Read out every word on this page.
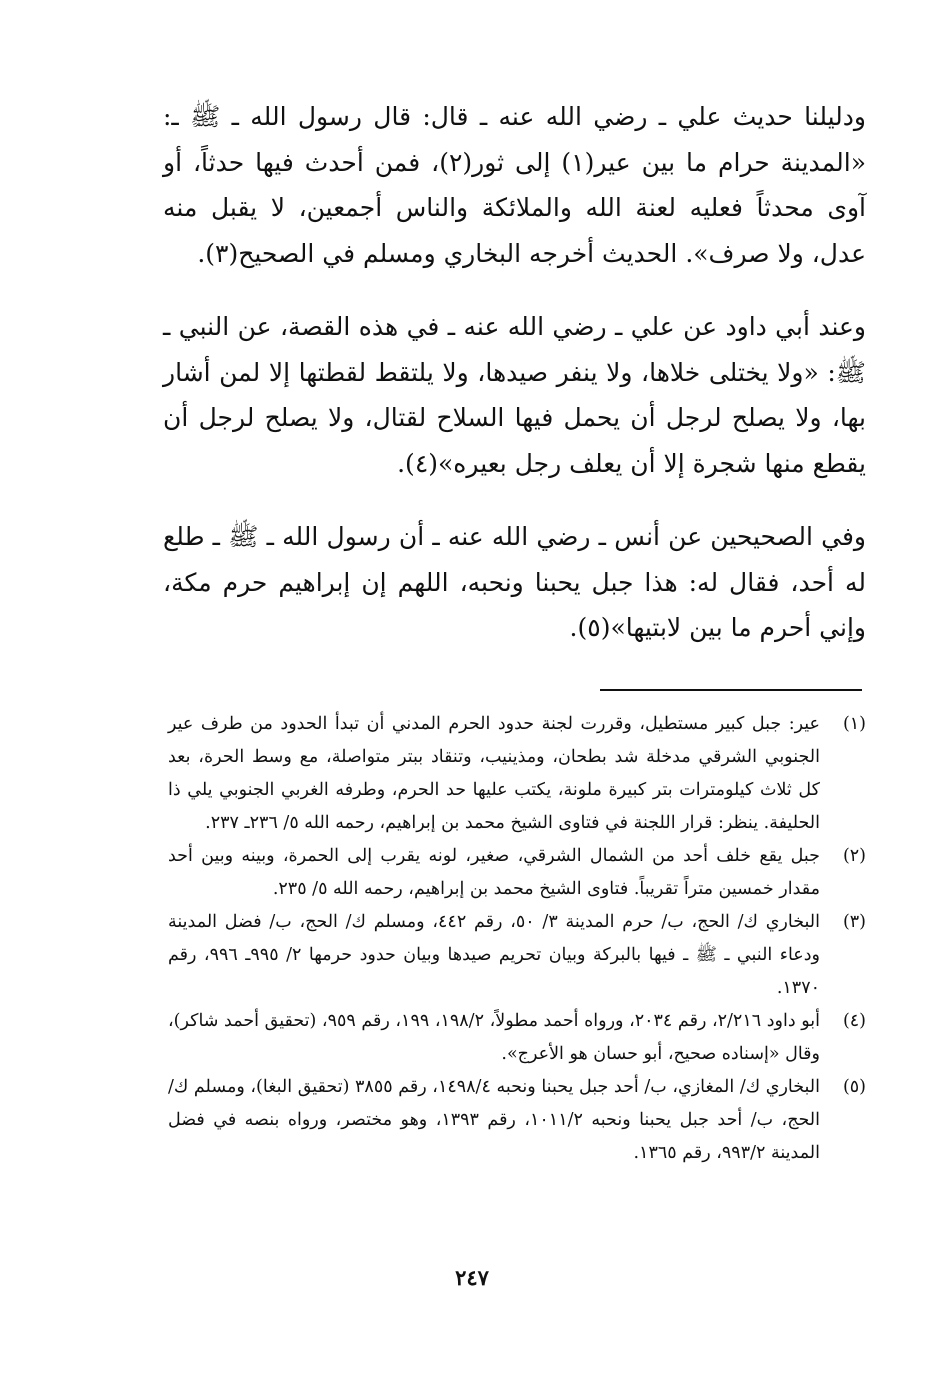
ودليلنا حديث علي ـ رضي الله عنه ـ قال: قال رسول الله ـ ﷺ ـ: «المدينة حرام ما بين عير(١) إلى ثور(٢)، فمن أحدث فيها حدثاً، أو آوى محدثاً فعليه لعنة الله والملائكة والناس أجمعين، لا يقبل منه عدل، ولا صرف». الحديث أخرجه البخاري ومسلم في الصحيح(٣).

وعند أبي داود عن علي ـ رضي الله عنه ـ في هذه القصة، عن النبي ـ ﷺ: «ولا يختلى خلاها، ولا ينفر صيدها، ولا يلتقط لقطتها إلا لمن أشار بها، ولا يصلح لرجل أن يحمل فيها السلاح لقتال، ولا يصلح لرجل أن يقطع منها شجرة إلا أن يعلف رجل بعيره»(٤).

وفي الصحيحين عن أنس ـ رضي الله عنه ـ أن رسول الله ـ ﷺ ـ طلع له أحد، فقال له: هذا جبل يحبنا ونحبه، اللهم إن إبراهيم حرم مكة، وإني أحرم ما بين لابتيها»(٥).

(١)
عير: جبل كبير مستطيل، وقررت لجنة حدود الحرم المدني أن تبدأ الحدود من طرف عير الجنوبي الشرقي مدخلة شد بطحان، ومذينيب، وتنقاد ببتر متواصلة، مع وسط الحرة، بعد كل ثلاث كيلومترات بتر كبيرة ملونة، يكتب عليها حد الحرم، وطرفه الغربي الجنوبي يلي ذا الحليفة. ينظر: قرار اللجنة في فتاوى الشيخ محمد بن إبراهيم، رحمه الله ٥/ ٢٣٦ـ ٢٣٧.
(٢)
جبل يقع خلف أحد من الشمال الشرقي، صغير، لونه يقرب إلى الحمرة، وبينه وبين أحد مقدار خمسين متراً تقريباً. فتاوى الشيخ محمد بن إبراهيم، رحمه الله ٥/ ٢٣٥.
(٣)
البخاري ك/ الحج، ب/ حرم المدينة ٣/ ٥٠، رقم ٤٤٢، ومسلم ك/ الحج، ب/ فضل المدينة ودعاء النبي ـ ﷺ ـ فيها بالبركة وبيان تحريم صيدها وبيان حدود حرمها ٢/ ٩٩٥ـ ٩٩٦، رقم ١٣٧٠.
(٤)
أبو داود ٢/٢١٦، رقم ٢٠٣٤، ورواه أحمد مطولاً، ١٩٨/٢، ١٩٩، رقم ٩٥٩، (تحقيق أحمد شاكر)، وقال «إسناده صحيح، أبو حسان هو الأعرج».
(٥)
البخاري ك/ المغازي، ب/ أحد جبل يحبنا ونحبه ١٤٩٨/٤، رقم ٣٨٥٥ (تحقيق البغا)، ومسلم ك/ الحج، ب/ أحد جبل يحبنا ونحبه ١٠١١/٢، رقم ١٣٩٣، وهو مختصر، ورواه بنصه في فضل المدينة ٩٩٣/٢، رقم ١٣٦٥.
٢٤٧
